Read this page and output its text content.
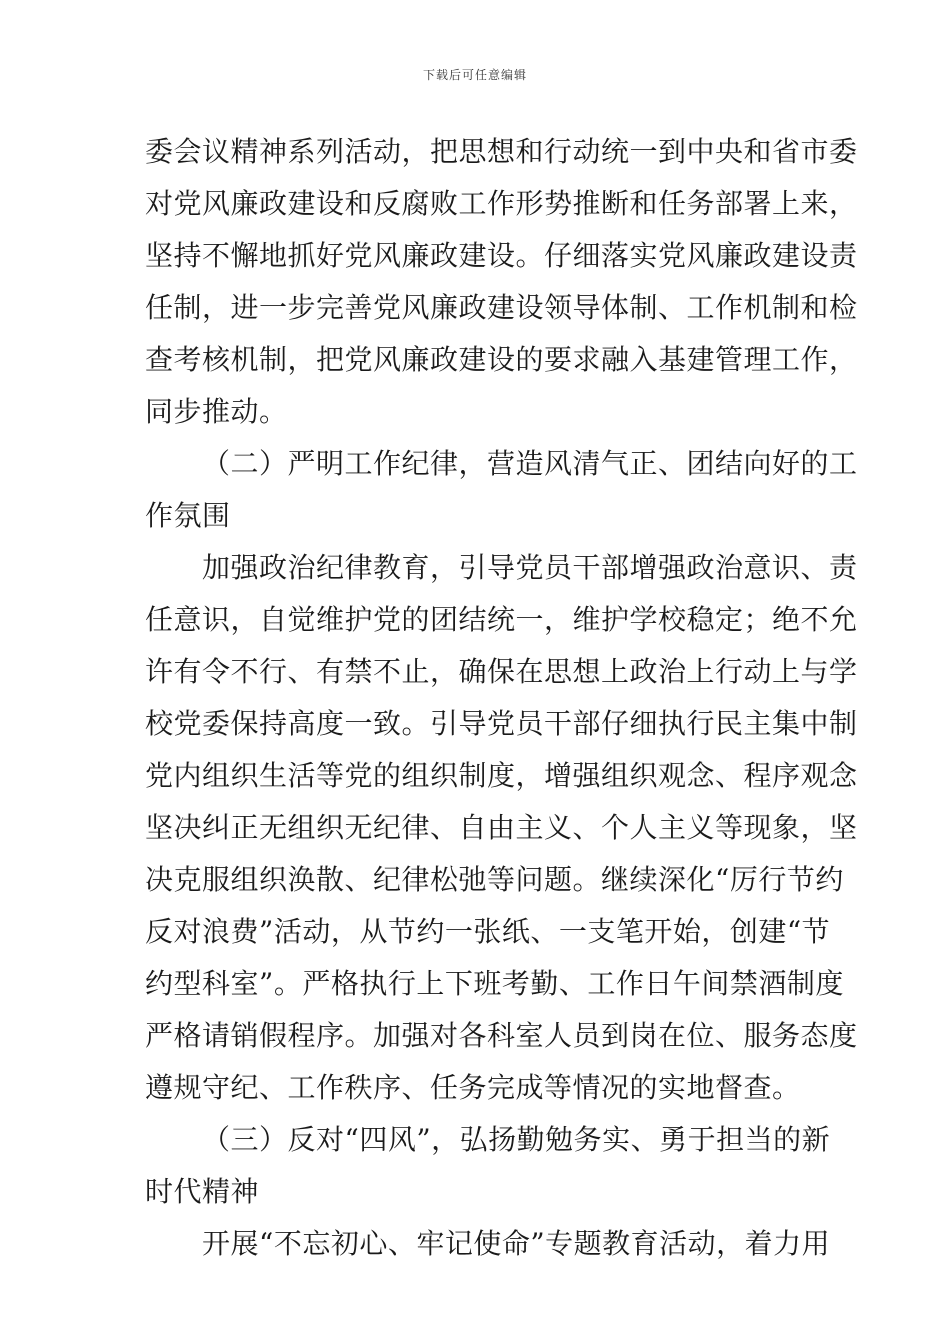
下载后可任意编辑
委会议精神系列活动，把思想和行动统一到中央和省市委
对党风廉政建设和反腐败工作形势推断和任务部署上来，
坚持不懈地抓好党风廉政建设。仔细落实党风廉政建设责
任制，进一步完善党风廉政建设领导体制、工作机制和检
查考核机制，把党风廉政建设的要求融入基建管理工作，
同步推动。
（二）严明工作纪律，营造风清气正、团结向好的工
作氛围
加强政治纪律教育，引导党员干部增强政治意识、责
任意识，自觉维护党的团结统一，维护学校稳定；绝不允
许有令不行、有禁不止，确保在思想上政治上行动上与学
校党委保持高度一致。引导党员干部仔细执行民主集中制
党内组织生活等党的组织制度，增强组织观念、程序观念
坚决纠正无组织无纪律、自由主义、个人主义等现象，坚
决克服组织涣散、纪律松弛等问题。继续深化“厉行节约
反对浪费”活动，从节约一张纸、一支笔开始，创建“节
约型科室”。严格执行上下班考勤、工作日午间禁酒制度
严格请销假程序。加强对各科室人员到岗在位、服务态度
遵规守纪、工作秩序、任务完成等情况的实地督查。
（三）反对“四风”，弘扬勤勉务实、勇于担当的新
时代精神
开展“不忘初心、牢记使命”专题教育活动，着力用
